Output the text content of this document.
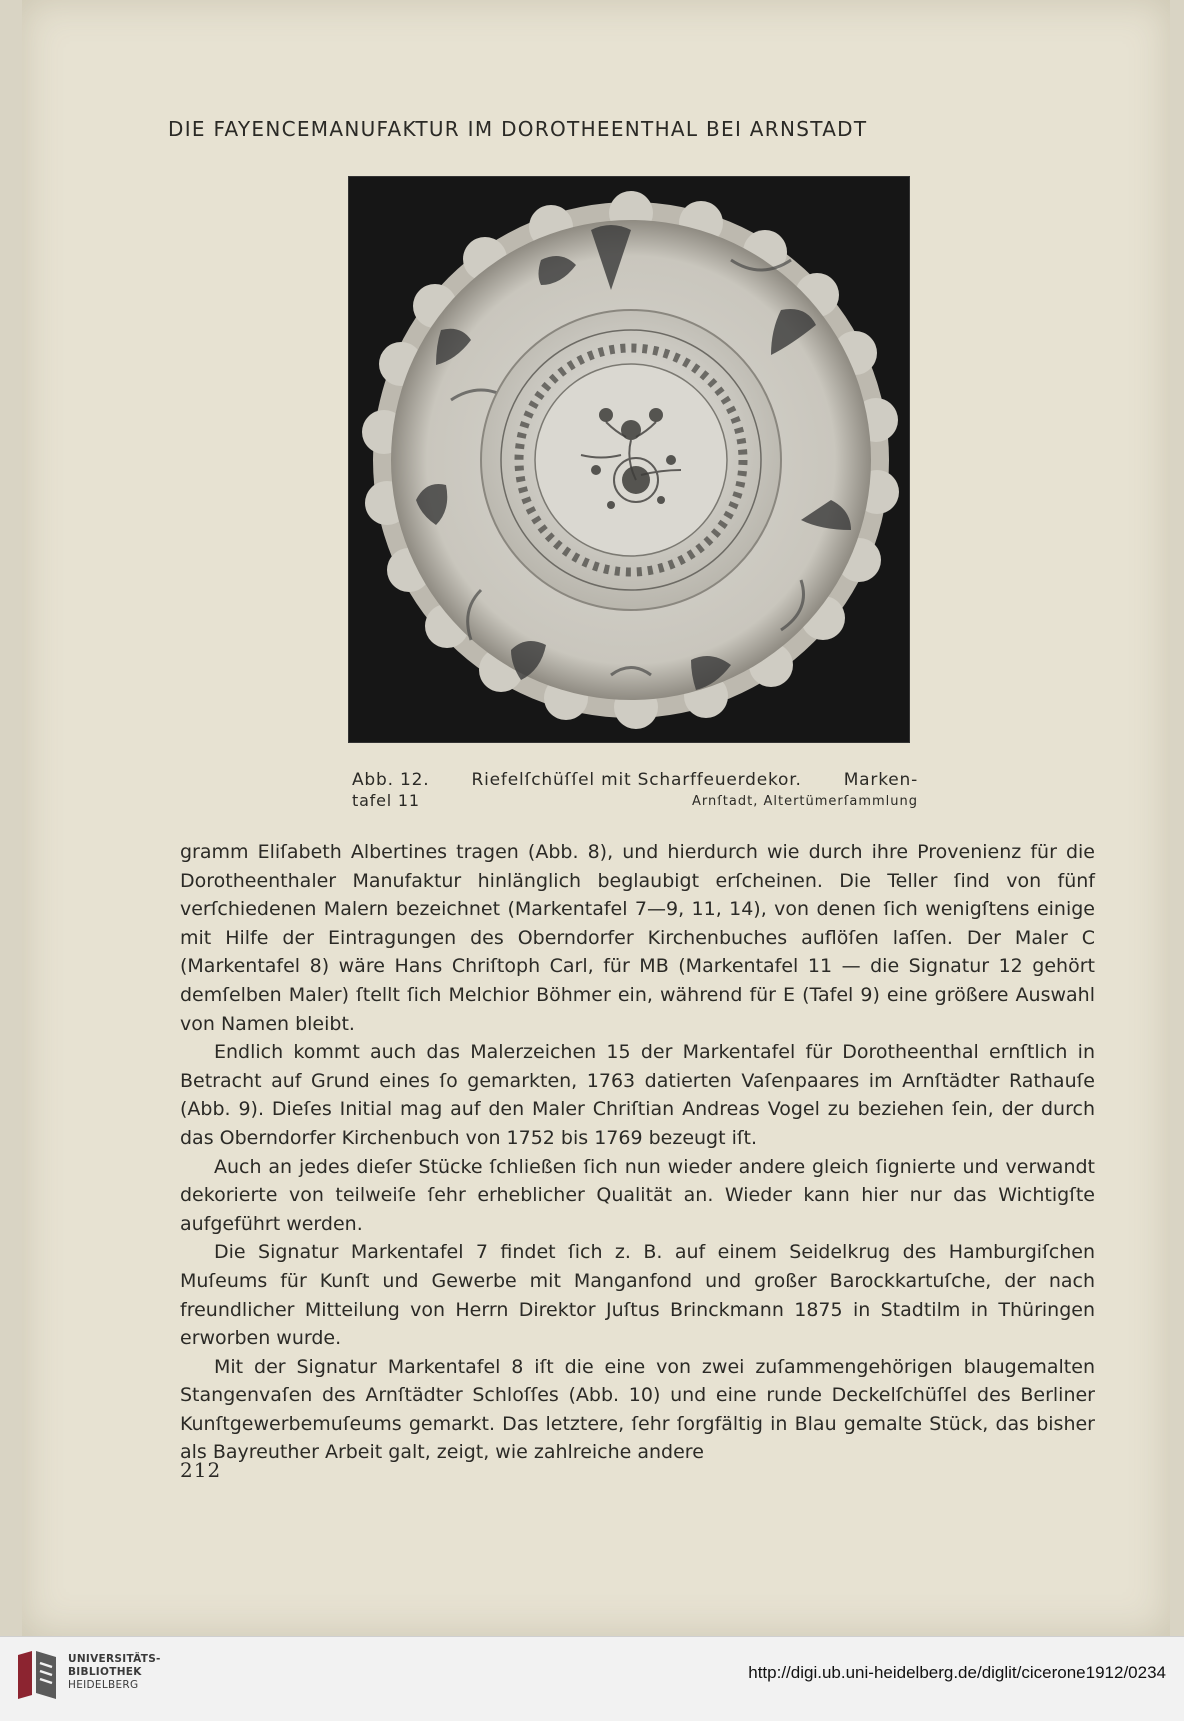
DIE FAYENCEMANUFAKTUR IM DOROTHEENTHAL BEI ARNSTADT
Abb. 12. Riefelſchüſſel mit Scharffeuerdekor. Marken-
tafel 11	Arnſtadt, Altertümerſammlung

gramm Eliſabeth Albertines tragen (Abb. 8), und hierdurch wie durch ihre Provenienz für die Dorotheenthaler Manufaktur hinlänglich beglaubigt erſcheinen. Die Teller ſind von fünf verſchiedenen Malern bezeichnet (Markentafel 7—9, 11, 14), von denen ſich wenigſtens einige mit Hilfe der Eintragungen des Oberndorfer Kirchenbuches auflöſen laſſen. Der Maler C (Markentafel 8) wäre Hans Chriſtoph Carl, für MB (Markentafel 11 — die Signatur 12 gehört demſelben Maler) ſtellt ſich Melchior Böhmer ein, während für E (Tafel 9) eine größere Auswahl von Namen bleibt.

Endlich kommt auch das Malerzeichen 15 der Markentafel für Dorotheenthal ernſtlich in Betracht auf Grund eines ſo gemarkten, 1763 datierten Vaſenpaares im Arnſtädter Rathauſe (Abb. 9). Dieſes Initial mag auf den Maler Chriſtian Andreas Vogel zu beziehen ſein, der durch das Oberndorfer Kirchenbuch von 1752 bis 1769 bezeugt iſt.

Auch an jedes dieſer Stücke ſchließen ſich nun wieder andere gleich ſignierte und verwandt dekorierte von teilweiſe ſehr erheblicher Qualität an. Wieder kann hier nur das Wichtigſte aufgeführt werden.

Die Signatur Markentafel 7 findet ſich z. B. auf einem Seidelkrug des Hamburgiſchen Muſeums für Kunſt und Gewerbe mit Manganfond und großer Barockkartuſche, der nach freundlicher Mitteilung von Herrn Direktor Juſtus Brinckmann 1875 in Stadtilm in Thüringen erworben wurde.

Mit der Signatur Markentafel 8 iſt die eine von zwei zuſammengehörigen blaugemalten Stangenvaſen des Arnſtädter Schloſſes (Abb. 10) und eine runde Deckelſchüſſel des Berliner Kunſtgewerbemuſeums gemarkt. Das letztere, ſehr ſorgfältig in Blau gemalte Stück, das bisher als Bayreuther Arbeit galt, zeigt, wie zahlreiche andere

212
UNIVERSITÄTS-
BIBLIOTHEK
HEIDELBERG
http://digi.ub.uni-heidelberg.de/diglit/cicerone1912/0234
